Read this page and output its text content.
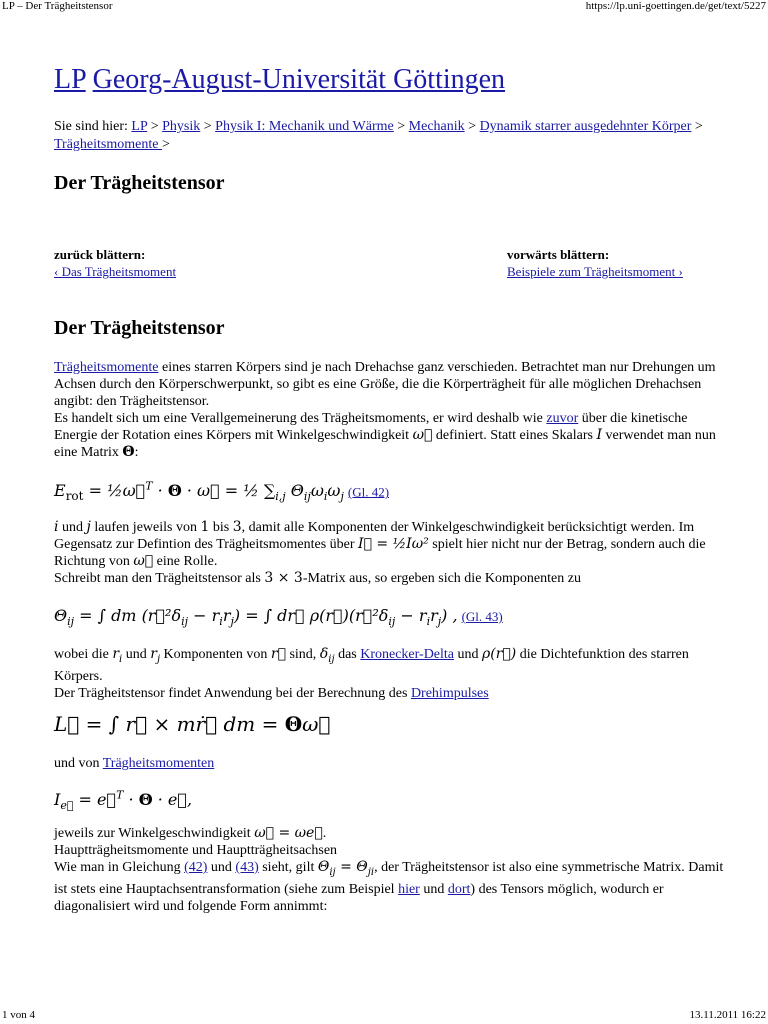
LP – Der Trägheitstensor	https://lp.uni-goettingen.de/get/text/5227
LP Georg-August-Universität Göttingen
Sie sind hier: LP > Physik > Physik I: Mechanik und Wärme > Mechanik > Dynamik starrer ausgedehnter Körper > Trägheitsmomente >
Der Trägheitstensor
zurück blättern:
‹ Das Trägheitsmoment
vorwärts blättern:
Beispiele zum Trägheitsmoment ›
Der Trägheitstensor
Trägheitsmomente eines starren Körpers sind je nach Drehachse ganz verschieden. Betrachtet man nur Drehungen um Achsen durch den Körperschwerpunkt, so gibt es eine Größe, die die Körperträgheit für alle möglichen Drehachsen angibt: den Trägheitstensor.
Es handelt sich um eine Verallgemeinerung des Trägheitsmoments, er wird deshalb wie zuvor über die kinetische Energie der Rotation eines Körpers mit Winkelgeschwindigkeit ω⃗ definiert. Statt eines Skalars I verwendet man nun eine Matrix Θ:
$E_{rot}$ = ½ω⃗$^T$ · Θ · ω⃗ = ½ $\sum_{i,j}$ $\Theta_{ij}\omega_i\omega_j$ (Gl. 42)
i und j laufen jeweils von 1 bis 3, damit alle Komponenten der Winkelgeschwindigkeit berücksichtigt werden. Im Gegensatz zur Defintion des Trägheitsmomentes über I⃗ = ½Iω² spielt hier nicht nur der Betrag, sondern auch die Richtung von ω⃗ eine Rolle.
Schreibt man den Trägheitstensor als 3 × 3-Matrix aus, so ergeben sich die Komponenten zu
$\Theta_{ij}$ = ∫ dm $(r⃗^2\delta_{ij} - r_ir_j)$ = ∫ dr⃗ $\rho(r⃗)(r⃗^2\delta_{ij} - r_ir_j)$ , (Gl. 43)
wobei die $r_i$ und $r_j$ Komponenten von r⃗ sind, $\delta_{ij}$ das Kronecker-Delta und ρ(r⃗) die Dichtefunktion des starren Körpers.
Der Trägheitstensor findet Anwendung bei der Berechnung des Drehimpulses
L⃗ = ∫ r⃗ × mṙ⃗ dm = Θω⃗
und von Trägheitsmomenten
$I_{e⃗}$ = e⃗$^T$ · Θ · e⃗,
jeweils zur Winkelgeschwindigkeit ω⃗ = ωe⃗.
Hauptträgheitsmomente und Hauptträgheitsachsen
Wie man in Gleichung (42) und (43) sieht, gilt $\Theta_{ij} = \Theta_{ji}$, der Trägheitstensor ist also eine symmetrische Matrix. Damit ist stets eine Hauptachsentransformation (siehe zum Beispiel hier und dort) des Tensors möglich, wodurch er diagonalisiert wird und folgende Form annimmt:
1 von 4	13.11.2011 16:22
